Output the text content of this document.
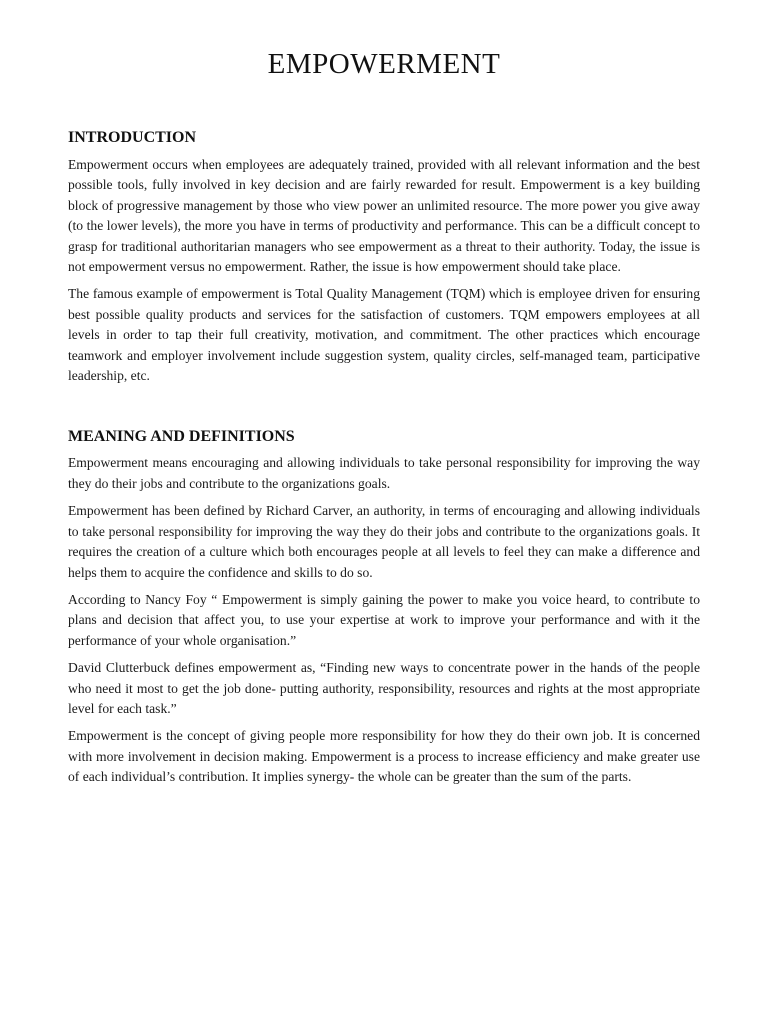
EMPOWERMENT
INTRODUCTION

Empowerment occurs when employees are adequately trained, provided with all relevant information and the best possible tools, fully involved in key decision and are fairly rewarded for result. Empowerment is a key building block of progressive management by those who view power an unlimited resource. The more power you give away (to the lower levels), the more you have in terms of productivity and performance. This can be a difficult concept to grasp for traditional authoritarian managers who see empowerment as a threat to their authority. Today, the issue is not empowerment versus no empowerment. Rather, the issue is how empowerment should take place.

The famous example of empowerment is Total Quality Management (TQM) which is employee driven for ensuring best possible quality products and services for the satisfaction of customers. TQM empowers employees at all levels in order to tap their full creativity, motivation, and commitment. The other practices which encourage teamwork and employer involvement include suggestion system, quality circles, self-managed team, participative leadership, etc.

MEANING AND DEFINITIONS

Empowerment means encouraging and allowing individuals to take personal responsibility for improving the way they do their jobs and contribute to the organizations goals.

Empowerment has been defined by Richard Carver, an authority, in terms of encouraging and allowing individuals to take personal responsibility for improving the way they do their jobs and contribute to the organizations goals. It requires the creation of a culture which both encourages people at all levels to feel they can make a difference and helps them to acquire the confidence and skills to do so.

According to Nancy Foy “ Empowerment is simply gaining the power to make you voice heard, to contribute to plans and decision that affect you, to use your expertise at work to improve your performance and with it the performance of your whole organisation.”

David Clutterbuck defines empowerment as, “Finding new ways to concentrate power in the hands of the people who need it most to get the job done- putting authority, responsibility, resources and rights at the most appropriate level for each task.”

Empowerment is the concept of giving people more responsibility for how they do their own job. It is concerned with more involvement in decision making. Empowerment is a process to increase efficiency and make greater use of each individual’s contribution. It implies synergy- the whole can be greater than the sum of the parts.
